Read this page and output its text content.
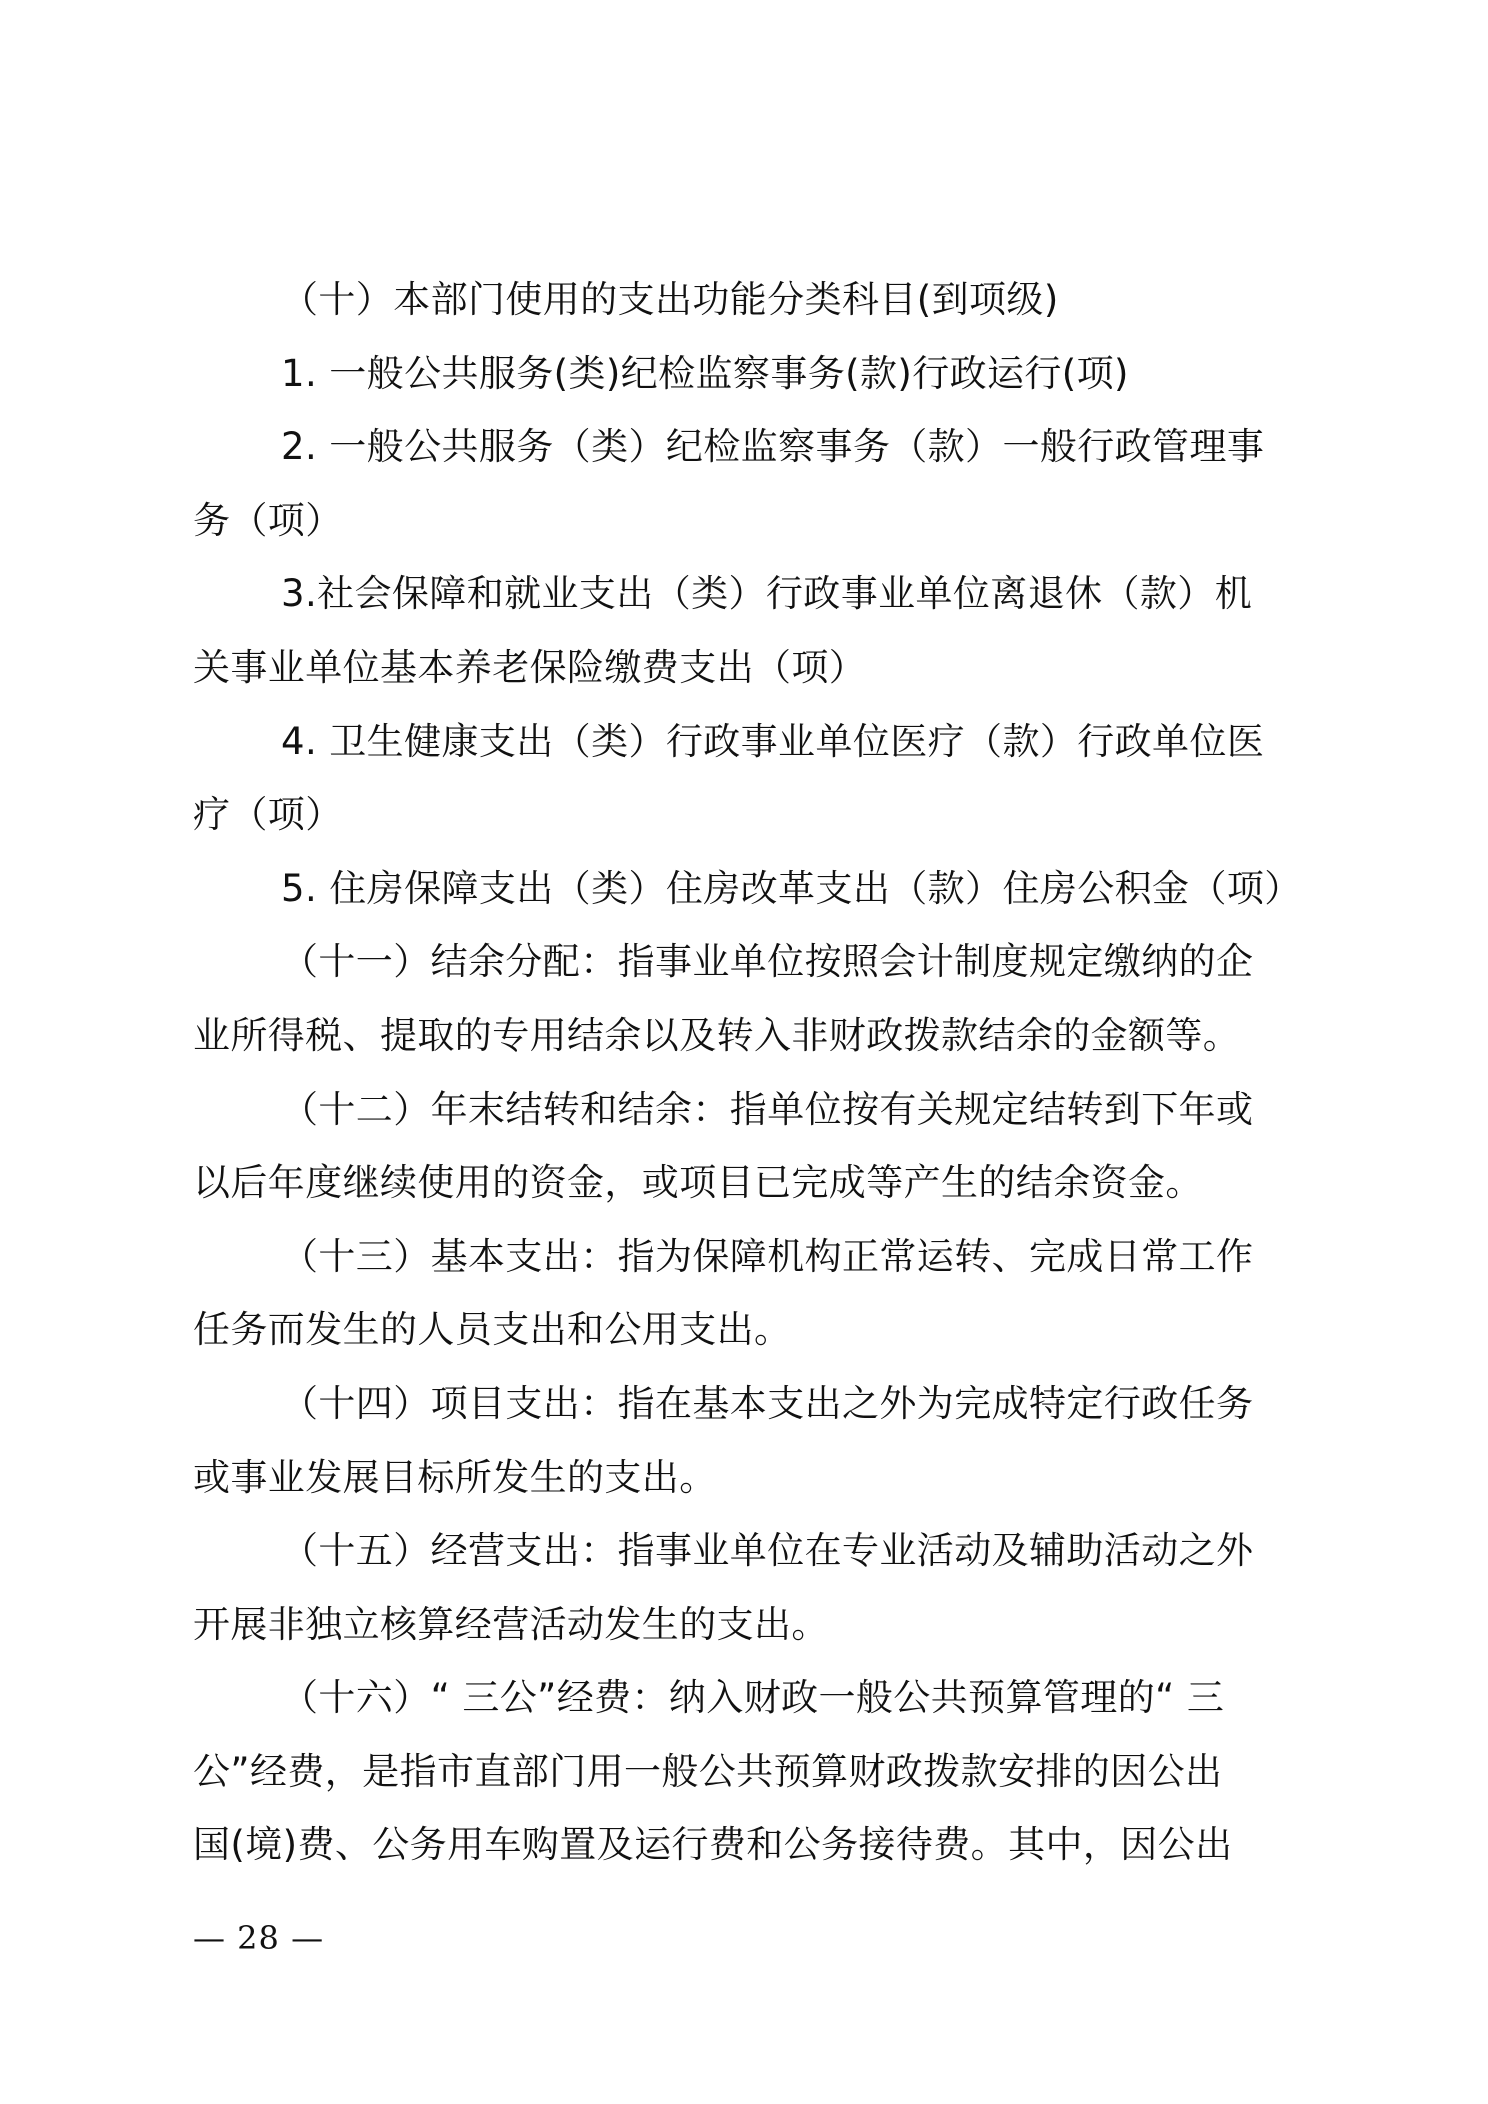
（十）本部门使用的支出功能分类科目(到项级)
1. 一般公共服务(类)纪检监察事务(款)行政运行(项)
2. 一般公共服务（类）纪检监察事务（款）一般行政管理事
务（项）
3.社会保障和就业支出（类）行政事业单位离退休（款）机
关事业单位基本养老保险缴费支出（项）
4. 卫生健康支出（类）行政事业单位医疗（款）行政单位医
疗（项）
5. 住房保障支出（类）住房改革支出（款）住房公积金（项）
（十一）结余分配：指事业单位按照会计制度规定缴纳的企
业所得税、提取的专用结余以及转入非财政拨款结余的金额等。
（十二）年末结转和结余：指单位按有关规定结转到下年或
以后年度继续使用的资金，或项目已完成等产生的结余资金。
（十三）基本支出：指为保障机构正常运转、完成日常工作
任务而发生的人员支出和公用支出。
（十四）项目支出：指在基本支出之外为完成特定行政任务
或事业发展目标所发生的支出。
（十五）经营支出：指事业单位在专业活动及辅助活动之外
开展非独立核算经营活动发生的支出。
（十六）“ 三公”经费：纳入财政一般公共预算管理的“ 三
公”经费，是指市直部门用一般公共预算财政拨款安排的因公出
国(境)费、公务用车购置及运行费和公务接待费。其中，因公出
— 28 —
